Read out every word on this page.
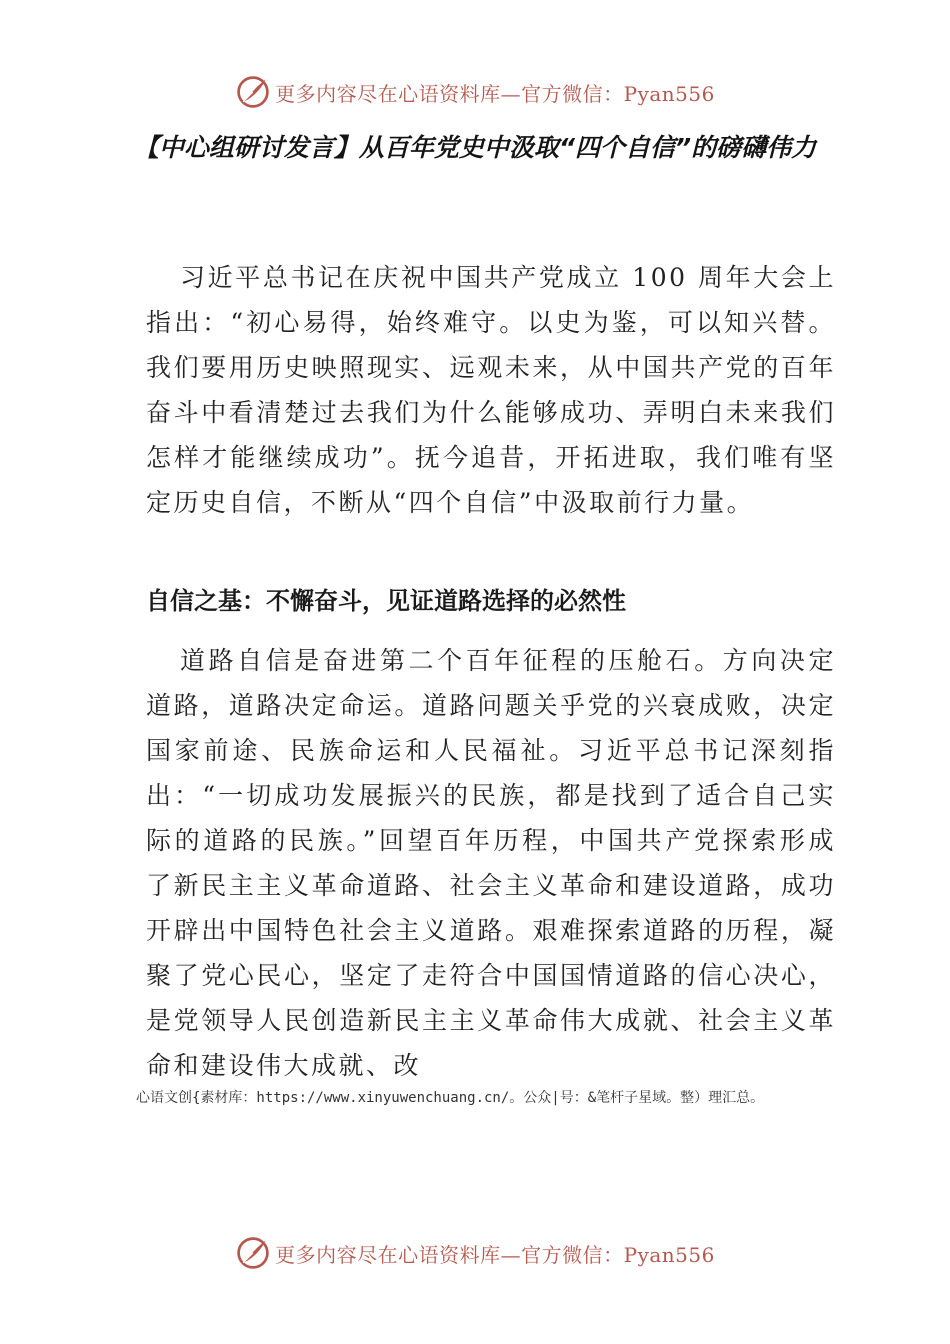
更多内容尽在心语资料库—官方微信：Pyan556
【中心组研讨发言】从百年党史中汲取“四个自信”的磅礴伟力

习近平总书记在庆祝中国共产党成立 100 周年大会上指出：“初心易得，始终难守。以史为鉴，可以知兴替。我们要用历史映照现实、远观未来，从中国共产党的百年奋斗中看清楚过去我们为什么能够成功、弄明白未来我们怎样才能继续成功”。抚今追昔，开拓进取，我们唯有坚定历史自信，不断从“四个自信”中汲取前行力量。

自信之基：不懈奋斗，见证道路选择的必然性

道路自信是奋进第二个百年征程的压舱石。方向决定道路，道路决定命运。道路问题关乎党的兴衰成败，决定国家前途、民族命运和人民福祉。习近平总书记深刻指出：“一切成功发展振兴的民族，都是找到了适合自己实际的道路的民族。”回望百年历程，中国共产党探索形成了新民主主义革命道路、社会主义革命和建设道路，成功开辟出中国特色社会主义道路。艰难探索道路的历程，凝聚了党心民心，坚定了走符合中国国情道路的信心决心，是党领导人民创造新民主主义革命伟大成就、社会主义革命和建设伟大成就、改

心语文创{素材库：https://www.xinyuwenchuang.cn/。公众|号：&笔杆子星域。整）理汇总。

更多内容尽在心语资料库—官方微信：Pyan556
